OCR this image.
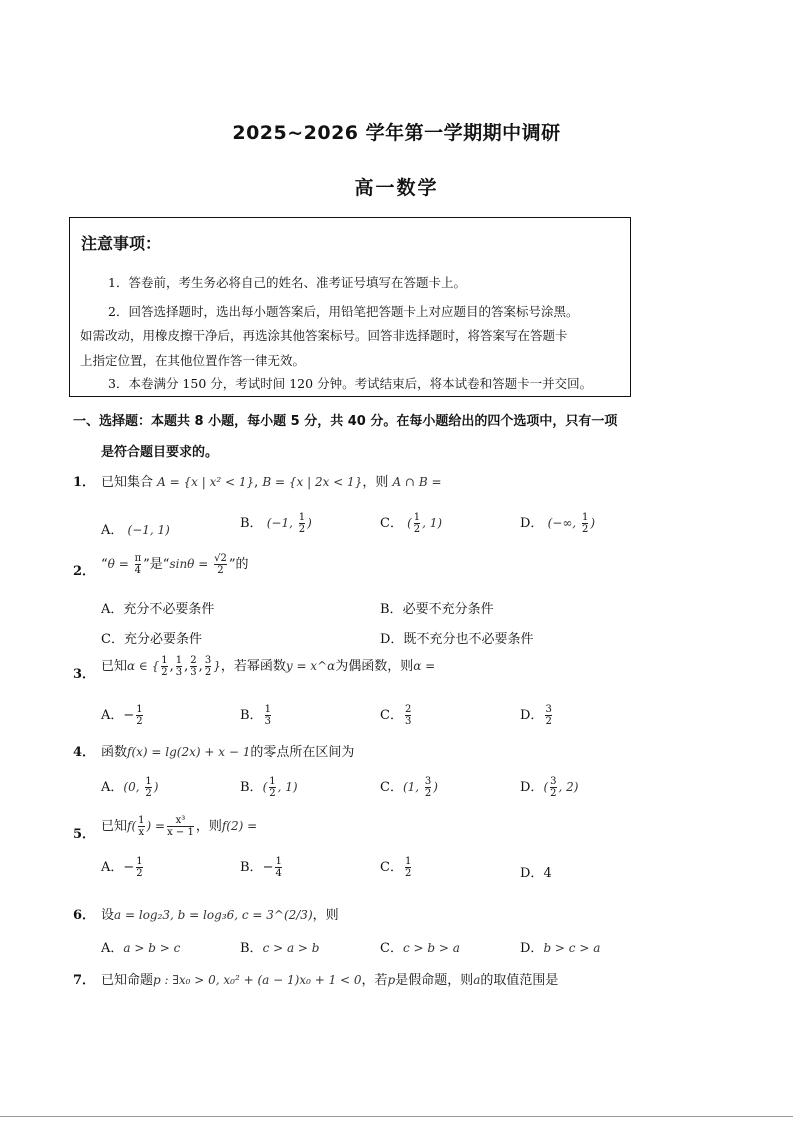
2025~2026 学年第一学期期中调研
高一数学
注意事项：
1．答卷前，考生务必将自己的姓名、准考证号填写在答题卡上。
2．回答选择题时，选出每小题答案后，用铅笔把答题卡上对应题目的答案标号涂黑。
如需改动，用橡皮擦干净后，再选涂其他答案标号。回答非选择题时，将答案写在答题卡
上指定位置，在其他位置作答一律无效。
3．本卷满分 150 分，考试时间 120 分钟。考试结束后，将本试卷和答题卡一并交回。
一、选择题：本题共 8 小题，每小题 5 分，共 40 分。在每小题给出的四个选项中，只有一项
是符合题目要求的。
1． 已知集合 A = {x | x² < 1}, B = {x | 2x < 1}，则 A ∩ B =
A． (−1, 1)	B． (−1, $\frac{1}{2}$ )	C． ( $\frac{1}{2}$ , 1)	D． (−∞, $\frac{1}{2}$ )
2． “$\theta = \frac{\pi}{4}$ ”是“$\sin\theta = \frac{√2}{2}$ ”的
A．充分不必要条件	B．必要不充分条件
C．充分必要条件	D．既不充分也不必要条件
3．
已知α ∈ { $\frac{1}{2}$ , $\frac{1}{3}$ , $\frac{2}{3}$ , $\frac{3}{2}$ }，若幂函数y = x^α为偶函数，则α =
A．− $\frac{1}{2}$	B． $\frac{1}{3}$	C． $\frac{2}{3}$	D． $\frac{3}{2}$
4． 函数f(x) = lg(2x) + x − 1的零点所在区间为
A．(0, $\frac{1}{2}$ )	B．( $\frac{1}{2}$ , 1)	C．(1, $\frac{3}{2}$ )	D．( $\frac{3}{2}$ , 2)
5．
已知$f( \frac{1}{x}$ ) = $\frac{\text{x³}}{x - 1}$ ，则f(2) =
A．− $\frac{1}{2}$	B．− $\frac{1}{4}$	C． $\frac{1}{2}$	D．4
6． 设a = log₂3, b = log₃6, c = 3^(2/3)，则
A．a > b > c	B．c > a > b	C．c > b > a	D．b > c > a
7． 已知命题p : ∃x₀ > 0, x₀² + (a − 1)x₀ + 1 < 0，若p是假命题，则a的取值范围是
